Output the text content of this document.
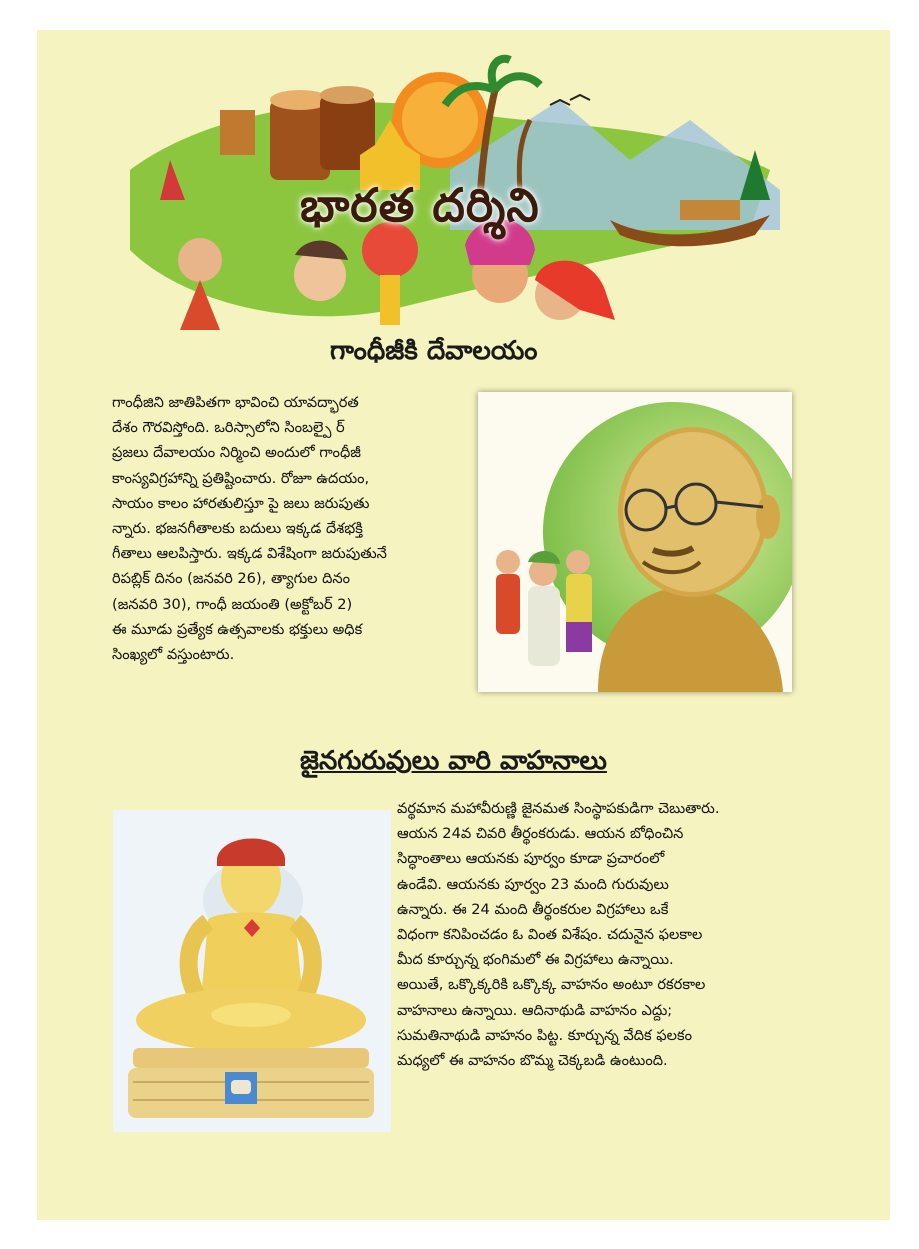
భారత దర్శిని
గాంధీజీకి దేవాలయం

గాంధీజిని జాతిపితగా భావించి యావద్భారత

దేశం గౌరవిస్తోంది. ఒరిస్సాలోని సింబల్పై ర్

ప్రజలు దేవాలయం నిర్మించి అందులో గాంధీజీ

కాంస్యవిగ్రహాన్ని ప్రతిష్టించారు. రోజూ ఉదయం,

సాయం కాలం హారతులిస్తూ పై జలు జరుపుతు

న్నారు. భజనగీతాలకు బదులు ఇక్కడ దేశభక్తి

గీతాలు ఆలపిస్తారు. ఇక్కడ విశేషింగా జరుపుతునే

రిపబ్లిక్ దినం (జనవరి 26), త్యాగుల దినం

(జనవరి 30), గాంధీ జయంతి (అక్టోబర్ 2)

ఈ మూడు ప్రత్యేక ఉత్సవాలకు భక్తులు అధిక

సింఖ్యలో వస్తుంటారు.

జైనగురువులు వారి వాహనాలు

వర్థమాన మహావీరుణ్ణి జైనమత సింస్థాపకుడిగా చెబుతారు.

ఆయన 24వ చివరి తీర్థంకరుడు. ఆయన బోధించిన

సిద్ధాంతాలు ఆయనకు పూర్వం కూడా ప్రచారంలో

ఉండేవి. ఆయనకు పూర్వం 23 మంది గురువులు

ఉన్నారు. ఈ 24 మంది తీర్థంకరుల విగ్రహాలు ఒకే

విధంగా కనిపించడం ఓ వింత విశేషం. చదునైన ఫలకాల

మీద కూర్చున్న భంగిమలో ఈ విగ్రహాలు ఉన్నాయి.

అయితే, ఒక్కొక్కరికి ఒక్కొక్క వాహనం అంటూ రకరకాల

వాహనాలు ఉన్నాయి. ఆదినాథుడి వాహనం ఎద్దు;

సుమతినాథుడి వాహనం పిట్ట. కూర్చున్న వేదిక ఫలకం

మధ్యలో ఈ వాహనం బొమ్మ చెక్కబడి ఉంటుంది.
